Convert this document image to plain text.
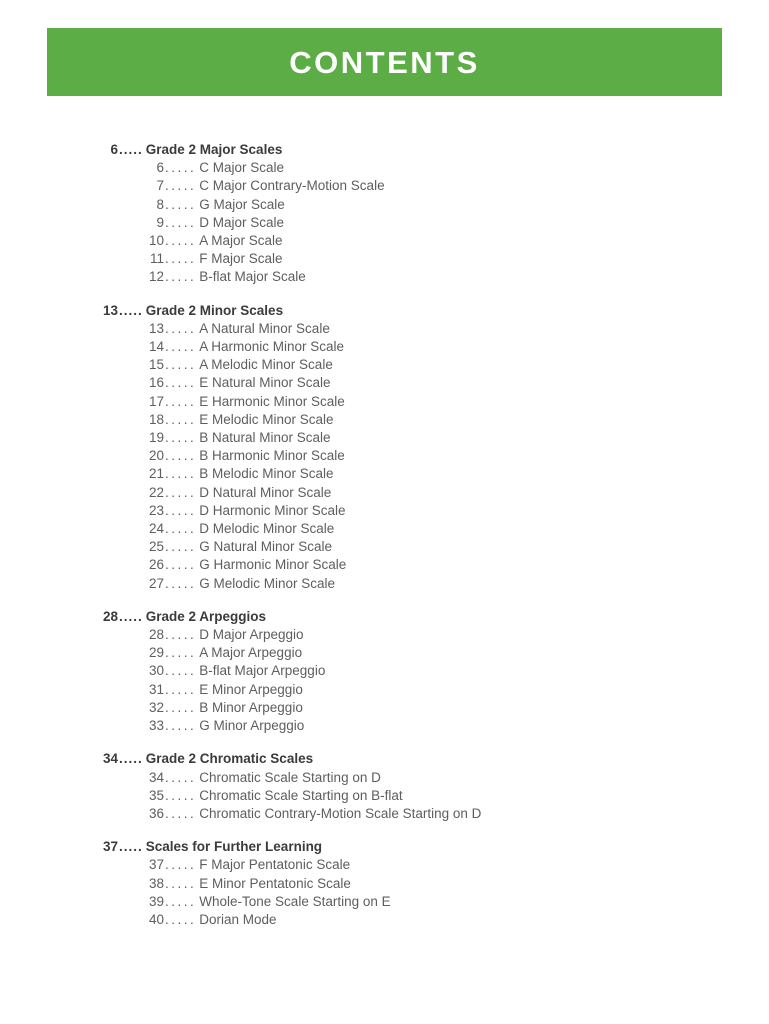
CONTENTS
6 ..... Grade 2 Major Scales
6 ..... C Major Scale
7 ..... C Major Contrary-Motion Scale
8 ..... G Major Scale
9 ..... D Major Scale
10 ..... A Major Scale
11 ..... F Major Scale
12 ..... B-flat Major Scale
13 ..... Grade 2 Minor Scales
13 ..... A Natural Minor Scale
14 ..... A Harmonic Minor Scale
15 ..... A Melodic Minor Scale
16 ..... E Natural Minor Scale
17 ..... E Harmonic Minor Scale
18 ..... E Melodic Minor Scale
19 ..... B Natural Minor Scale
20 ..... B Harmonic Minor Scale
21 ..... B Melodic Minor Scale
22 ..... D Natural Minor Scale
23 ..... D Harmonic Minor Scale
24 ..... D Melodic Minor Scale
25 ..... G Natural Minor Scale
26 ..... G Harmonic Minor Scale
27 ..... G Melodic Minor Scale
28 ..... Grade 2 Arpeggios
28 ..... D Major Arpeggio
29 ..... A Major Arpeggio
30 ..... B-flat Major Arpeggio
31 ..... E Minor Arpeggio
32 ..... B Minor Arpeggio
33 ..... G Minor Arpeggio
34 ..... Grade 2 Chromatic Scales
34 ..... Chromatic Scale Starting on D
35 ..... Chromatic Scale Starting on B-flat
36 ..... Chromatic Contrary-Motion Scale Starting on D
37 ..... Scales for Further Learning
37 ..... F Major Pentatonic Scale
38 ..... E Minor Pentatonic Scale
39 ..... Whole-Tone Scale Starting on E
40 ..... Dorian Mode
